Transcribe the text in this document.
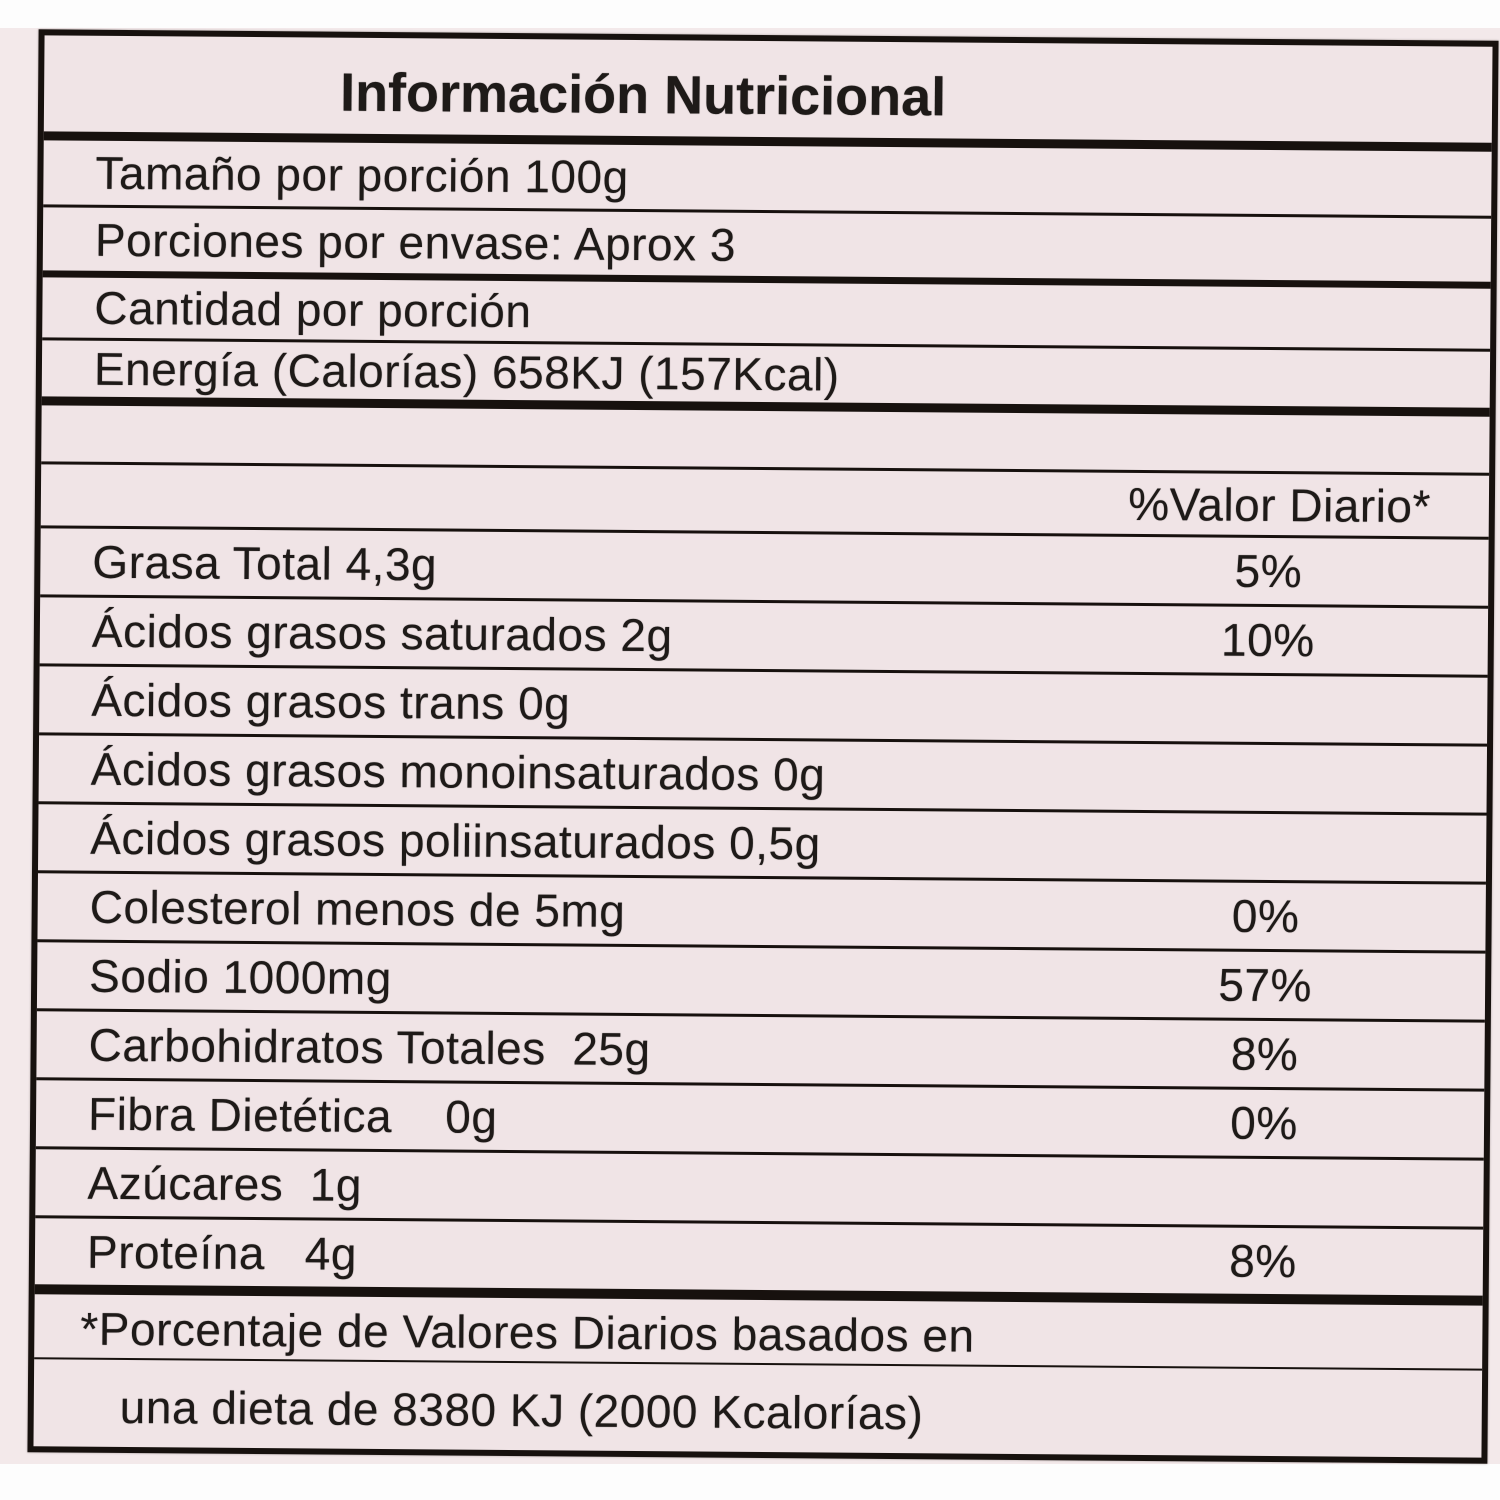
Información Nutricional
Tamaño por porción 100g
Porciones por envase: Aprox 3
Cantidad por porción
Energía (Calorías) 658KJ (157Kcal)
%Valor Diario*
Grasa Total 4,3g	5%
Ácidos grasos saturados 2g	10%
Ácidos grasos trans 0g
Ácidos grasos monoinsaturados 0g
Ácidos grasos poliinsaturados 0,5g
Colesterol menos de 5mg	0%
Sodio 1000mg	57%
Carbohidratos Totales  25g	8%
Fibra Dietética    0g	0%
Azúcares  1g
Proteína   4g	8%
*Porcentaje de Valores Diarios basados en
una dieta de 8380 KJ (2000 Kcalorías)
